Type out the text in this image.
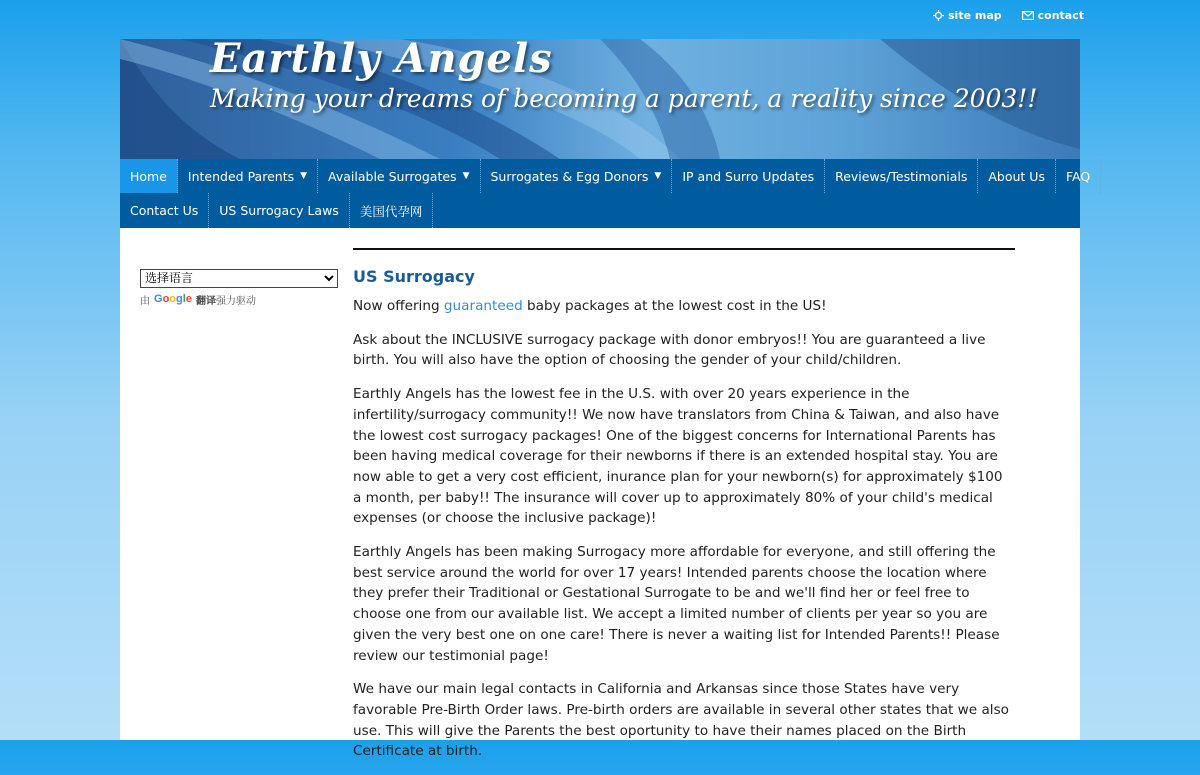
site map	contact
Earthly Angels
Making your dreams of becoming a parent, a reality since 2003!!
Home Intended Parents ▼ Available Surrogates ▼ Surrogates & Egg Donors ▼ IP and Surro Updates Reviews/Testimonials About Us FAQ
Contact Us US Surrogacy Laws 美国代孕网
选择语言
由 Google 翻译强力驱动
US Surrogacy

Now offering guaranteed baby packages at the lowest cost in the US!

Ask about the INCLUSIVE surrogacy package with donor embryos!! You are guaranteed a live birth. You will also have the option of choosing the gender of your child/children.

Earthly Angels has the lowest fee in the U.S. with over 20 years experience in the infertility/surrogacy community!! We now have translators from China & Taiwan, and also have the lowest cost surrogacy packages! One of the biggest concerns for International Parents has been having medical coverage for their newborns if there is an extended hospital stay. You are now able to get a very cost efficient, inurance plan for your newborn(s) for approximately $100 a month, per baby!! The insurance will cover up to approximately 80% of your child's medical expenses (or choose the inclusive package)!

Earthly Angels has been making Surrogacy more affordable for everyone, and still offering the best service around the world for over 17 years! Intended parents choose the location where they prefer their Traditional or Gestational Surrogate to be and we'll find her or feel free to choose one from our available list. We accept a limited number of clients per year so you are given the very best one on one care! There is never a waiting list for Intended Parents!! Please review our testimonial page!

We have our main legal contacts in California and Arkansas since those States have very favorable Pre-Birth Order laws. Pre-birth orders are available in several other states that we also use. This will give the Parents the best oportunity to have their names placed on the Birth Certificate at birth.
